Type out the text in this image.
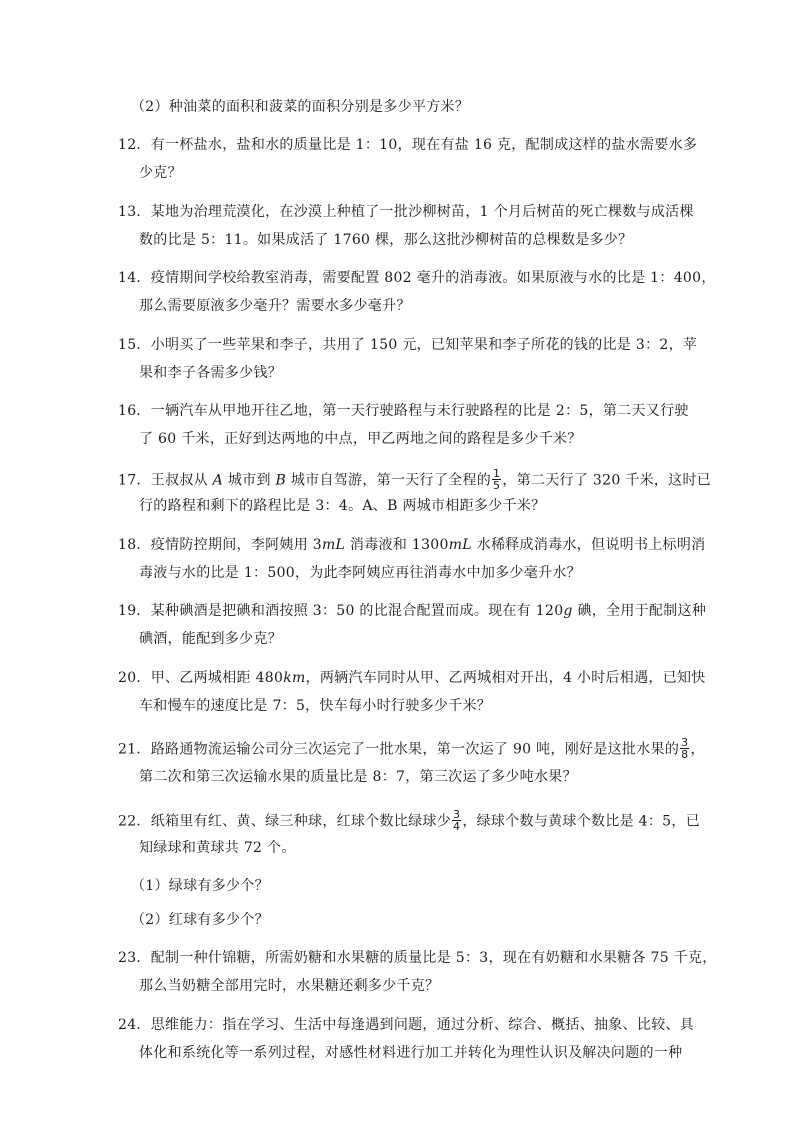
（2）种油菜的面积和菠菜的面积分别是多少平方米？
12．有一杯盐水，盐和水的质量比是 1：10，现在有盐 16 克，配制成这样的盐水需要水多
少克？
13．某地为治理荒漠化，在沙漠上种植了一批沙柳树苗，1 个月后树苗的死亡棵数与成活棵
数的比是 5：11。如果成活了 1760 棵，那么这批沙柳树苗的总棵数是多少？
14．疫情期间学校给教室消毒，需要配置 802 毫升的消毒液。如果原液与水的比是 1：400，
那么需要原液多少毫升？需要水多少毫升？
15．小明买了一些苹果和李子，共用了 150 元，已知苹果和李子所花的钱的比是 3：2，苹
果和李子各需多少钱？
16．一辆汽车从甲地开往乙地，第一天行驶路程与未行驶路程的比是 2：5，第二天又行驶
了 60 千米，正好到达两地的中点，甲乙两地之间的路程是多少千米？
17．王叔叔从 A 城市到 B 城市自驾游，第一天行了全程的 $\frac{1}{5}$ ，第二天行了 320 千米，这时已
行的路程和剩下的路程比是 3：4。A、B 两城市相距多少千米？
18．疫情防控期间，李阿姨用 3mL 消毒液和 1300mL 水稀释成消毒水，但说明书上标明消
毒液与水的比是 1：500，为此李阿姨应再往消毒水中加多少毫升水？
19．某种碘酒是把碘和酒按照 3：50 的比混合配置而成。现在有 120g 碘，全用于配制这种
碘酒，能配到多少克？
20．甲、乙两城相距 480km，两辆汽车同时从甲、乙两城相对开出，4 小时后相遇，已知快
车和慢车的速度比是 7：5，快车每小时行驶多少千米？
21．路路通物流运输公司分三次运完了一批水果，第一次运了 90 吨，刚好是这批水果的 $\frac{3}{8}$ ，
第二次和第三次运输水果的质量比是 8：7，第三次运了多少吨水果？
22．纸箱里有红、黄、绿三种球，红球个数比绿球少 $\frac{3}{4}$ ，绿球个数与黄球个数比是 4：5，已
知绿球和黄球共 72 个。
（1）绿球有多少个？
（2）红球有多少个？
23．配制一种什锦糖，所需奶糖和水果糖的质量比是 5：3，现在有奶糖和水果糖各 75 千克，
那么当奶糖全部用完时，水果糖还剩多少千克？
24．思维能力：指在学习、生活中每逢遇到问题，通过分析、综合、概括、抽象、比较、具
体化和系统化等一系列过程，对感性材料进行加工并转化为理性认识及解决问题的一种
